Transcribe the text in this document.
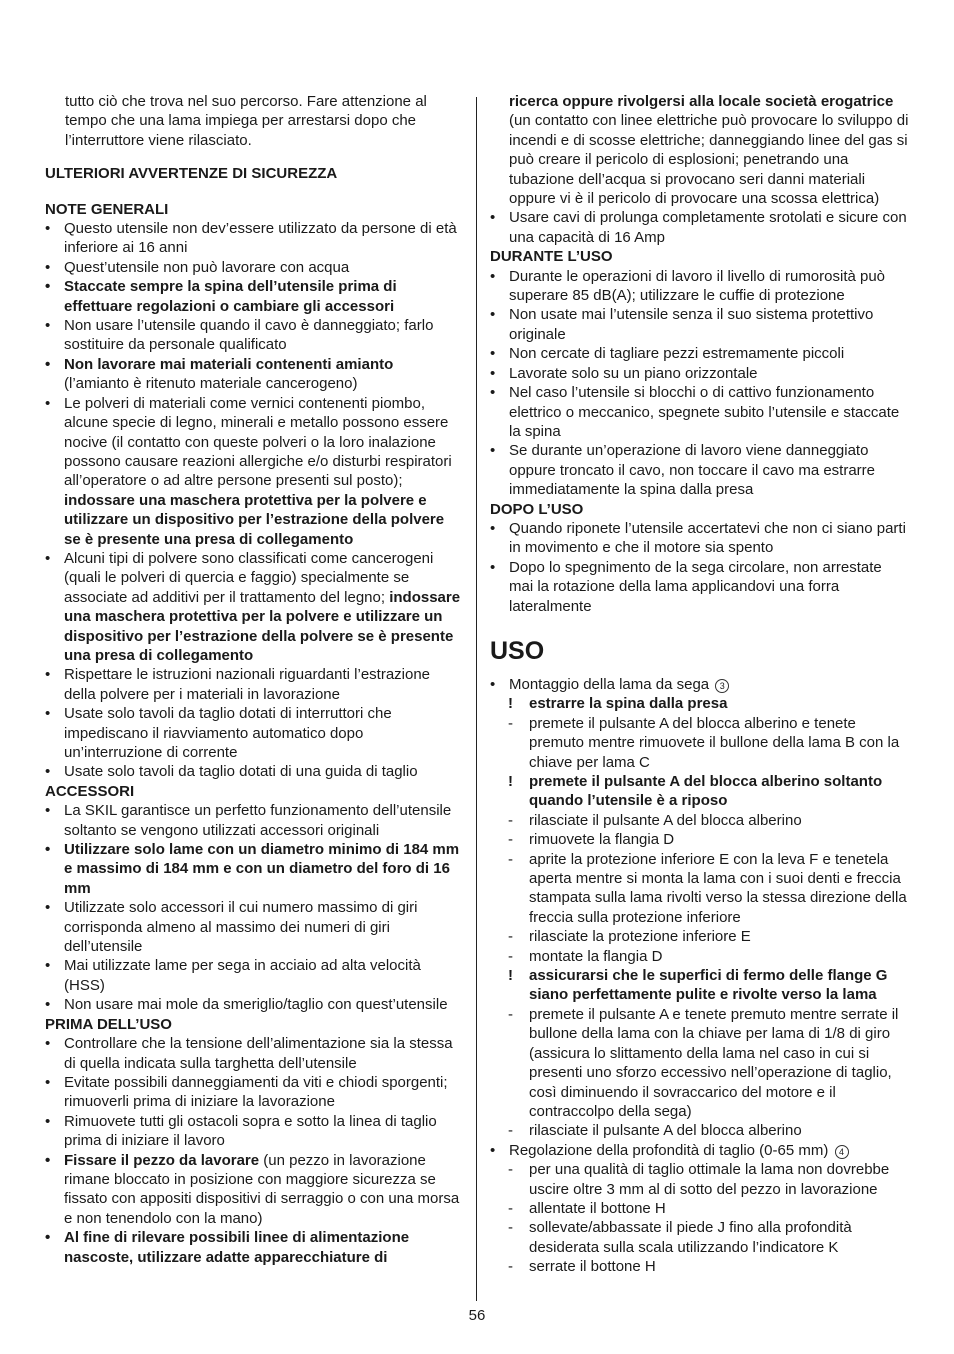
tutto ciò che trova nel suo percorso. Fare attenzione al tempo che una lama impiega per arrestarsi dopo che l’interruttore viene rilasciato.

ULTERIORI AVVERTENZE DI SICUREZZA

NOTE GENERALI

• Questo utensile non dev’essere utilizzato da persone di età inferiore ai 16 anni
• Quest’utensile non può lavorare con acqua
• Staccate sempre la spina dell’utensile prima di effettuare regolazioni o cambiare gli accessori
• Non usare l’utensile quando il cavo è danneggiato; farlo sostituire da personale qualificato
• Non lavorare mai materiali contenenti amianto
(l’amianto è ritenuto materiale cancerogeno)
• Le polveri di materiali come vernici contenenti piombo, alcune specie di legno, minerali e metallo possono essere nocive (il contatto con queste polveri o la loro inalazione possono causare reazioni allergiche e/o disturbi respiratori all’operatore o ad altre persone presenti sul posto); indossare una maschera protettiva per la polvere e utilizzare un dispositivo per l’estrazione della polvere se è presente una presa di collegamento
• Alcuni tipi di polvere sono classificati come cancerogeni (quali le polveri di quercia e faggio) specialmente se associate ad additivi per il trattamento del legno; indossare una maschera protettiva per la polvere e utilizzare un dispositivo per l’estrazione della polvere se è presente una presa di collegamento
• Rispettare le istruzioni nazionali riguardanti l’estrazione della polvere per i materiali in lavorazione
• Usate solo tavoli da taglio dotati di interruttori che impediscano il riavviamento automatico dopo un’interruzione di corrente
• Usate solo tavoli da taglio dotati di una guida di taglio

ACCESSORI

• La SKIL garantisce un perfetto funzionamento dell’utensile soltanto se vengono utilizzati accessori originali
• Utilizzare solo lame con un diametro minimo di 184 mm e massimo di 184 mm e con un diametro del foro di 16 mm
• Utilizzate solo accessori il cui numero massimo di giri corrisponda almeno al massimo dei numeri di giri dell’utensile
• Mai utilizzate lame per sega in acciaio ad alta velocità (HSS)
• Non usare mai mole da smeriglio/taglio con quest’utensile

PRIMA DELL’USO

• Controllare che la tensione dell’alimentazione sia la stessa di quella indicata sulla targhetta dell’utensile
• Evitate possibili danneggiamenti da viti e chiodi sporgenti; rimuoverli prima di iniziare la lavorazione
• Rimuovete tutti gli ostacoli sopra e sotto la linea di taglio prima di iniziare il lavoro
• Fissare il pezzo da lavorare (un pezzo in lavorazione rimane bloccato in posizione con maggiore sicurezza se fissato con appositi dispositivi di serraggio o con una morsa e non tenendolo con la mano)
• Al fine di rilevare possibili linee di alimentazione nascoste, utilizzare adatte apparecchiature di

ricerca oppure rivolgersi alla locale società erogatrice (un contatto con linee elettriche può provocare lo sviluppo di incendi e di scosse elettriche; danneggiando linee del gas si può creare il pericolo di esplosioni; penetrando una tubazione dell’acqua si provocano seri danni materiali oppure vi è il pericolo di provocare una scossa elettrica)

• Usare cavi di prolunga completamente srotolati e sicure con una capacità di 16 Amp

DURANTE L’USO

• Durante le operazioni di lavoro il livello di rumorosità può superare 85 dB(A); utilizzare le cuffie di protezione
• Non usate mai l’utensile senza il suo sistema protettivo originale
• Non cercate di tagliare pezzi estremamente piccoli
• Lavorate solo su un piano orizzontale
• Nel caso l’utensile si blocchi o di cattivo funzionamento elettrico o meccanico, spegnete subito l’utensile e staccate la spina
• Se durante un’operazione di lavoro viene danneggiato oppure troncato il cavo, non toccare il cavo ma estrarre immediatamente la spina dalla presa

DOPO L’USO

• Quando riponete l’utensile accertatevi che non ci siano parti in movimento e che il motore sia spento
• Dopo lo spegnimento de la sega circolare, non arrestate mai la rotazione della lama applicandovi una forra lateralmente

USO

• Montaggio della lama da sega 3
!	estrarre la spina dalla presa
-	premete il pulsante A del blocca alberino e tenete premuto mentre rimuovete il bullone della lama B con la chiave per lama C
!	premete il pulsante A del blocca alberino soltanto quando l’utensile è a riposo
-	rilasciate il pulsante A del blocca alberino
-	rimuovete la flangia D
-	aprite la protezione inferiore E con la leva F e tenetela aperta mentre si monta la lama con i suoi denti e freccia stampata sulla lama rivolti verso la stessa direzione della freccia sulla protezione inferiore
-	rilasciate la protezione inferiore E
-	montate la flangia D
!	assicurarsi che le superfici di fermo delle flange G siano perfettamente pulite e rivolte verso la lama
-	premete il pulsante A e tenete premuto mentre serrate il bullone della lama con la chiave per lama di 1/8 di giro (assicura lo slittamento della lama nel caso in cui si presenti uno sforzo eccessivo nell’operazione di taglio, così diminuendo il sovraccarico del motore e il contraccolpo della sega)
-	rilasciate il pulsante A del blocca alberino
• Regolazione della profondità di taglio (0-65 mm) 4
-	per una qualità di taglio ottimale la lama non dovrebbe uscire oltre 3 mm al di sotto del pezzo in lavorazione
-	allentate il bottone H
-	sollevate/abbassate il piede J fino alla profondità desiderata sulla scala utilizzando l’indicatore K
-	serrate il bottone H
56
